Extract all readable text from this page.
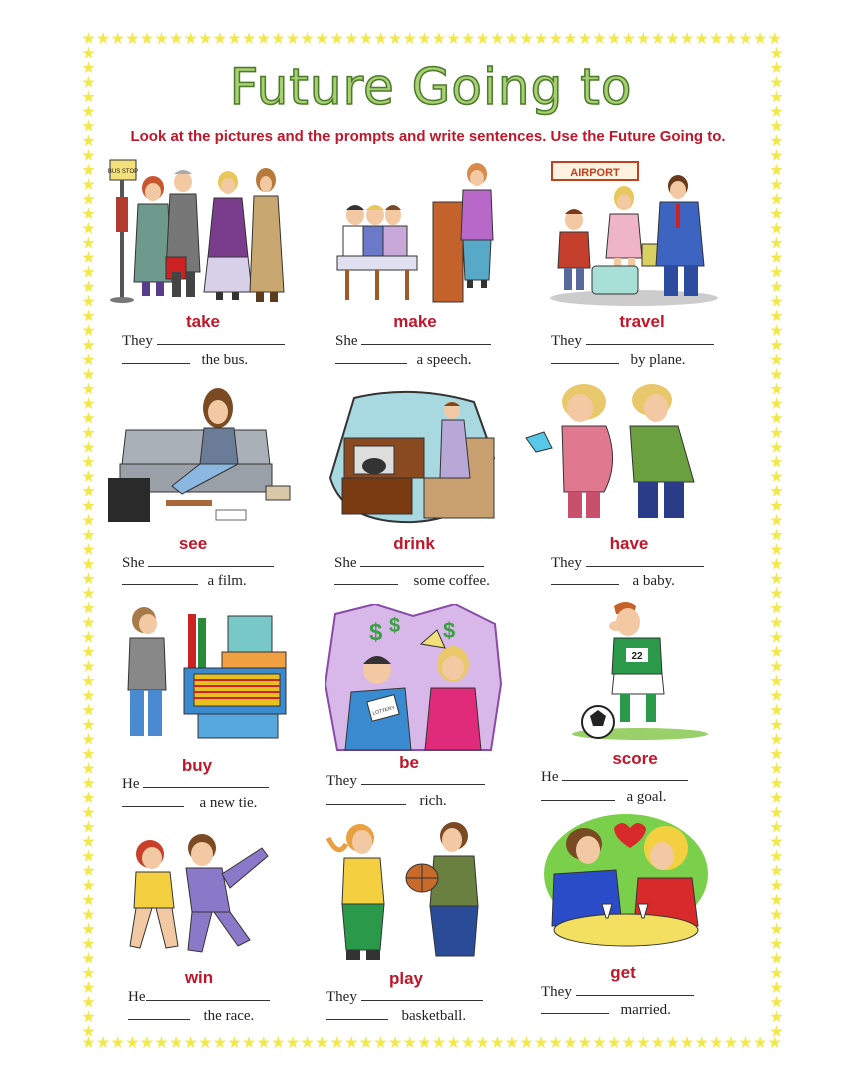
Future Going to
Look at the pictures and the prompts and write sentences. Use the Future Going to.
BUS STOP	AIRPORT
take	make	travel
They
the bus.
She
a speech.
They
by plane.
see	drink	have
She
a film.
She
some coffee.
They
a baby.
$ $ $
LOTTERY
22
buy	be	score
He
a new tie.
They
rich.
He
a goal.
win	play	get
He
the race.
They
basketball.
They
married.
